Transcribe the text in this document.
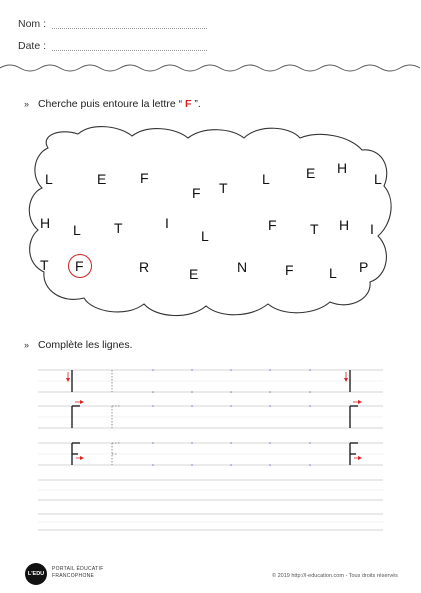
Nom :
Date :
» Cherche puis entoure la lettre “ F ”.
L	E F
F T
L	E H
L
H L T	I
L
F T H I
T F	R	E	N	F	L P
» Complète les lignes.
L'EDU
PORTAIL ÉDUCATIF
FRANCOPHONE	© 2019 http://l-education.com - Tous droits réservés
